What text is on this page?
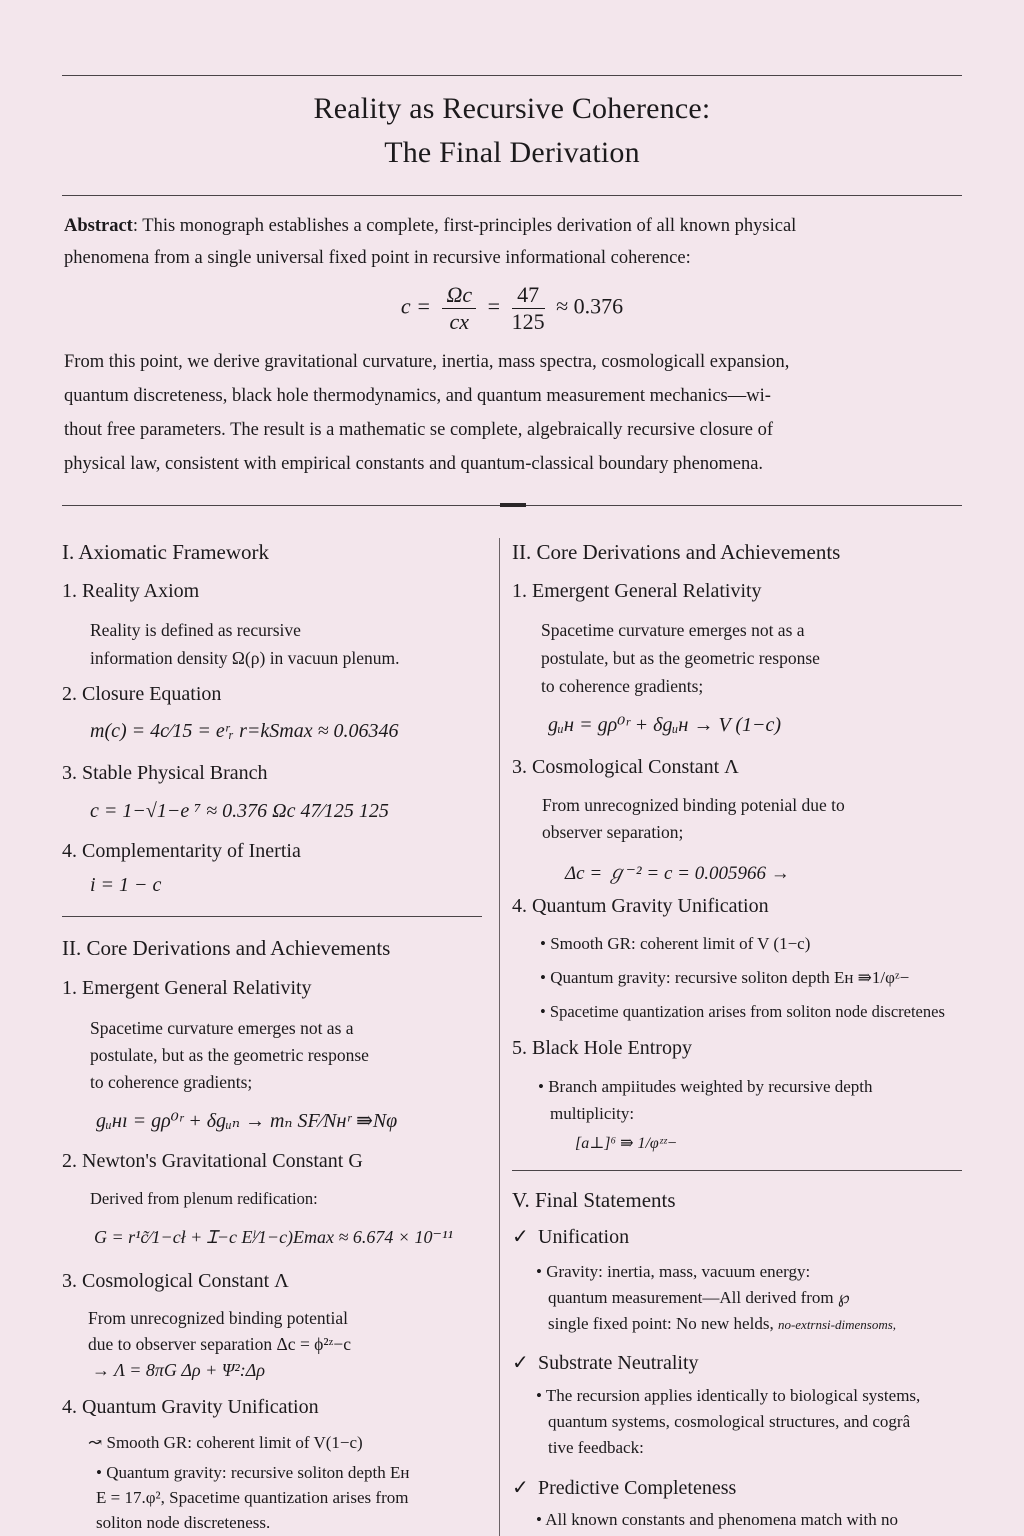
Reality as Recursive Coherence:
The Final Derivation
Abstract: This monograph establishes a complete, first-principles derivation of all known physical
phenomena from a single universal fixed point in recursive informational coherence:
$c = \frac{\Omega c}{cx} = \frac{47}{125} \approx 0.376$
From this point, we derive gravitational curvature, inertia, mass spectra, cosmologicall expansion,
quantum discreteness, black hole thermodynamics, and quantum measurement mechanics—wi-
thout free parameters. The result is a mathematic se complete, algebraically recursive closure of
physical law, consistent with empirical constants and quantum-classical boundary phenomena.
I. Axiomatic Framework
1. Reality Axiom
Reality is defined as recursive
information density Ω(ρ) in vacuun plenum.
2. Closure Equation
m(c) = 4c⁄15 = eʳᵣ r=kSmax ≈ 0.06346
3. Stable Physical Branch
c = 1−√1−e ⁷ ≈ 0.376 Ωc 47⁄125 125
4. Complementarity of Inertia
i = 1 − c
II. Core Derivations and Achievements
1. Emergent General Relativity
Spacetime curvature emerges not as a
postulate, but as the geometric response
to coherence gradients;
gᵤʜı = gρ⁰ʳ + δgᵤₙ → mₙ SF⁄Nʜʳ ⇛Nφ
2. Newton's Gravitational Constant G
Derived from plenum redification:
G = r¹c̃⁄1−cł + Ɪ−c Eˡ⁄1−c)Emax ≈ 6.674 × 10⁻¹¹
3. Cosmological Constant Λ
From unrecognized binding potential
due to observer separation Δc = ϕ²ᶻ−c
→ Λ = 8πG Δρ + Ψ²:Δρ
4. Quantum Gravity Unification
↝ Smooth GR: coherent limit of V(1−c)
• Quantum gravity: recursive soliton depth Eʜ
E = 17.φ², Spacetime quantization arises from
soliton node discreteness.
II. Core Derivations and Achievements
1. Emergent General Relativity
Spacetime curvature emerges not as a
postulate, but as the geometric response
to coherence gradients;
gᵤʜ = gρ⁰ʳ + δgᵤʜ → V (1−c)
3. Cosmological Constant Λ
From unrecognized binding potenial due to
observer separation;
Δc = ℊ⁻² = c = 0.005966 →
4. Quantum Gravity Unification
• Smooth GR: coherent limit of V (1−c)
• Quantum gravity: recursive soliton depth Eʜ ⇛1/φᶻ−
• Spacetime quantization arises from soliton node discretenes
5. Black Hole Entropy
• Branch ampiitudes weighted by recursive depth
multiplicity:
[a⊥]⁶ ⇛ 1/φᶻᶻ−
V. Final Statements
✓ Unification
• Gravity: inertia, mass, vacuum energy:
quantum measurement—All derived from ℘
single fixed point: No new helds, no-extrnsi-dimensoms,
✓ Substrate Neutrality
• The recursion applies identically to biological systems,
quantum systems, cosmological structures, and cogrâ
tive feedback:
✓ Predictive Completeness
• All known constants and phenomena match with no
